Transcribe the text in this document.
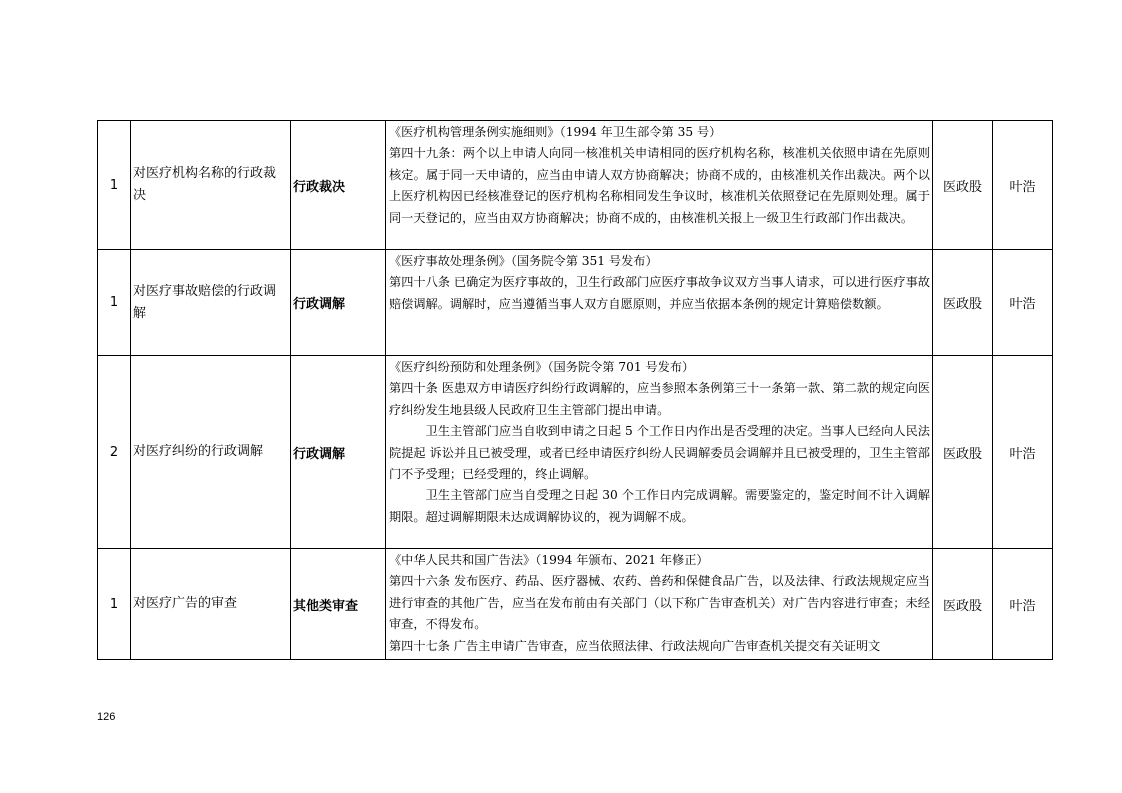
1	对医疗机构名称的行政裁决	行政裁决	《医疗机构管理条例实施细则》（1994 年卫生部令第 35 号）

第四十九条：两个以上申请人向同一核准机关申请相同的医疗机构名称，核准机关依照申请在先原则核定。属于同一天申请的，应当由申请人双方协商解决；协商不成的，由核准机关作出裁决。两个以上医疗机构因已经核准登记的医疗机构名称相同发生争议时，核准机关依照登记在先原则处理。属于同一天登记的，应当由双方协商解决；协商不成的，由核准机关报上一级卫生行政部门作出裁决。	医政股	叶浩
1	对医疗事故赔偿的行政调解	行政调解	《医疗事故处理条例》（国务院令第 351 号发布）

第四十八条 已确定为医疗事故的，卫生行政部门应医疗事故争议双方当事人请求，可以进行医疗事故赔偿调解。调解时，应当遵循当事人双方自愿原则，并应当依据本条例的规定计算赔偿数额。	医政股	叶浩
2	对医疗纠纷的行政调解	行政调解	《医疗纠纷预防和处理条例》（国务院令第 701 号发布）

第四十条 医患双方申请医疗纠纷行政调解的，应当参照本条例第三十一条第一款、第二款的规定向医疗纠纷发生地县级人民政府卫生主管部门提出申请。

卫生主管部门应当自收到申请之日起 5 个工作日内作出是否受理的决定。当事人已经向人民法院提起 诉讼并且已被受理，或者已经申请医疗纠纷人民调解委员会调解并且已被受理的，卫生主管部门不予受理；已经受理的，终止调解。

卫生主管部门应当自受理之日起 30 个工作日内完成调解。需要鉴定的，鉴定时间不计入调解期限。超过调解期限未达成调解协议的，视为调解不成。	医政股	叶浩
1	对医疗广告的审查	其他类审查	《中华人民共和国广告法》（1994 年颁布、2021 年修正）

第四十六条 发布医疗、药品、医疗器械、农药、兽药和保健食品广告，以及法律、行政法规规定应当进行审查的其他广告，应当在发布前由有关部门（以下称广告审查机关）对广告内容进行审查；未经审查，不得发布。

第四十七条 广告主申请广告审查，应当依照法律、行政法规向广告审查机关提交有关证明文	医政股	叶浩
126
